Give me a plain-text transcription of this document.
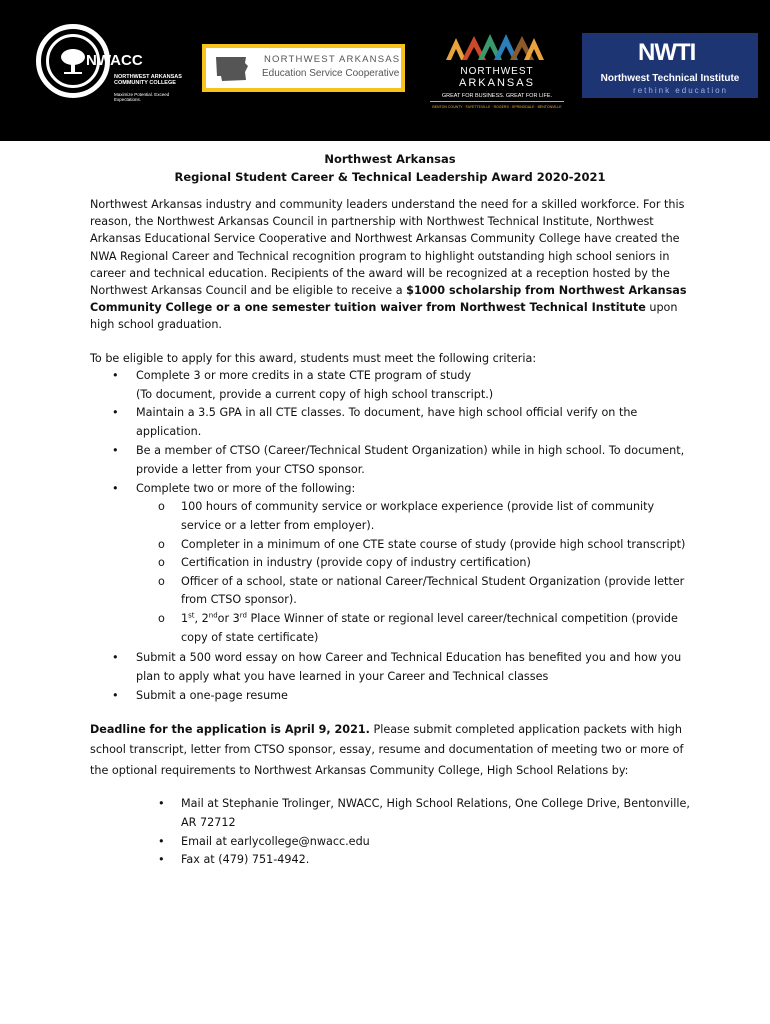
NWACC
NORTHWEST ARKANSAS COMMUNITY COLLEGE
Maximize Potential. Exceed Expectations.
NORTHWEST ARKANSAS
Education Service Cooperative	NORTHWEST
ARKANSAS
GREAT FOR BUSINESS. GREAT FOR LIFE.
BENTON COUNTY · FAYETTEVILLE · ROGERS · SPRINGDALE · BENTONVILLE
NWTI
Northwest Technical Institute
rethink education

Northwest Arkansas

Regional Student Career & Technical Leadership Award 2020-2021

Northwest Arkansas industry and community leaders understand the need for a skilled workforce. For this reason, the Northwest Arkansas Council in partnership with Northwest Technical Institute, Northwest Arkansas Educational Service Cooperative and Northwest Arkansas Community College have created the NWA Regional Career and Technical recognition program to highlight outstanding high school seniors in career and technical education. Recipients of the award will be recognized at a reception hosted by the Northwest Arkansas Council and be eligible to receive a $1000 scholarship from Northwest Arkansas Community College or a one semester tuition waiver from Northwest Technical Institute upon high school graduation.

To be eligible to apply for this award, students must meet the following criteria:

• Complete 3 or more credits in a state CTE program of study
(To document, provide a current copy of high school transcript.)
• Maintain a 3.5 GPA in all CTE classes. To document, have high school official verify on the application.
• Be a member of CTSO (Career/Technical Student Organization) while in high school. To document, provide a letter from your CTSO sponsor.
• Complete two or more of the following:
o 100 hours of community service or workplace experience (provide list of community service or a letter from employer).
o Completer in a minimum of one CTE state course of study (provide high school transcript)
o Certification in industry (provide copy of industry certification)
o Officer of a school, state or national Career/Technical Student Organization (provide letter from CTSO sponsor).
o 1st, 2ndor 3rd Place Winner of state or regional level career/technical competition (provide copy of state certificate)
• Submit a 500 word essay on how Career and Technical Education has benefited you and how you plan to apply what you have learned in your Career and Technical classes
• Submit a one-page resume

Deadline for the application is April 9, 2021. Please submit completed application packets with high school transcript, letter from CTSO sponsor, essay, resume and documentation of meeting two or more of the optional requirements to Northwest Arkansas Community College, High School Relations by:

• Mail at Stephanie Trolinger, NWACC, High School Relations, One College Drive, Bentonville, AR 72712
• Email at earlycollege@nwacc.edu
• Fax at (479) 751-4942.
